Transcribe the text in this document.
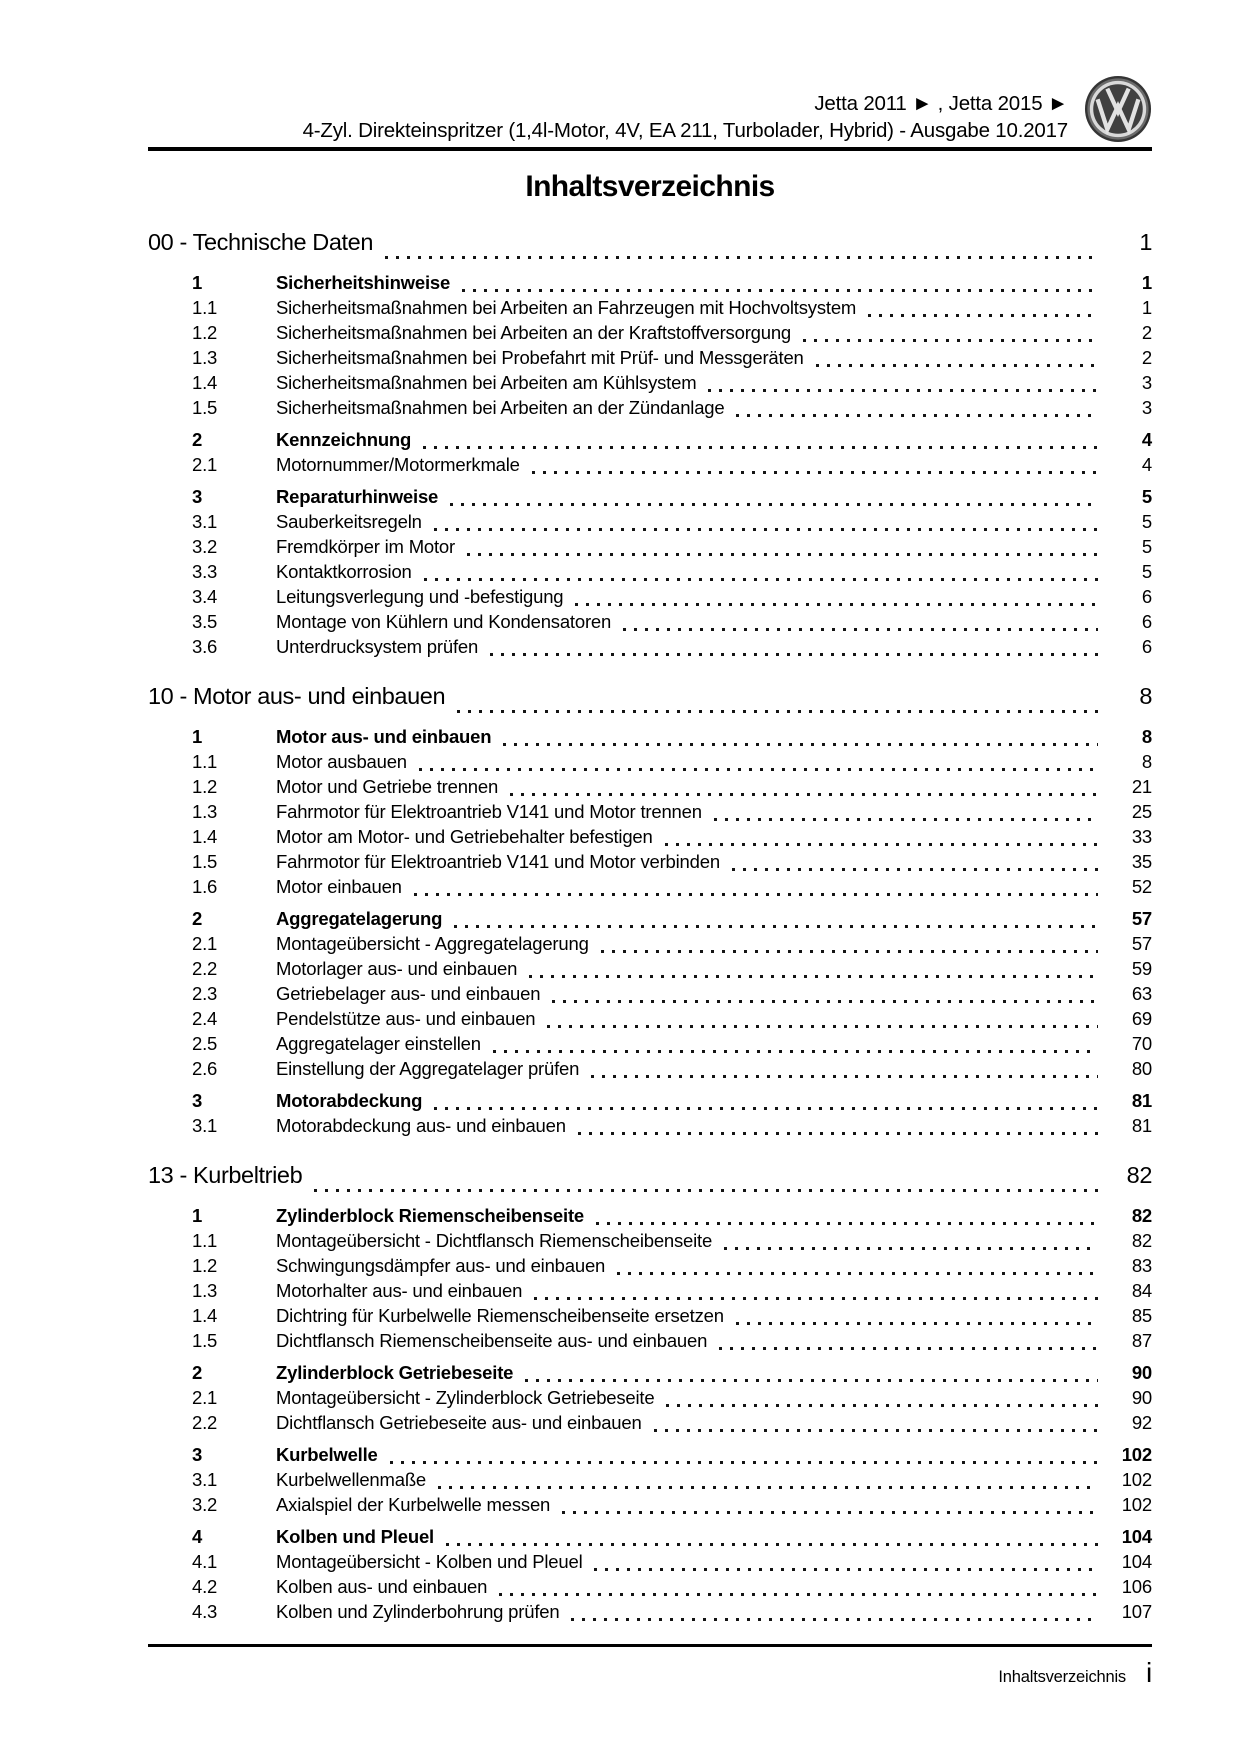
Jetta 2011 ► , Jetta 2015 ►
4-Zyl. Direkteinspritzer (1,4l-Motor, 4V, EA 211, Turbolader, Hybrid) - Ausgabe 10.2017
Inhaltsverzeichnis
00 - Technische Daten	1
1	Sicherheitshinweise	1
1.1	Sicherheitsmaßnahmen bei Arbeiten an Fahrzeugen mit Hochvoltsystem	1
1.2	Sicherheitsmaßnahmen bei Arbeiten an der Kraftstoffversorgung	2
1.3	Sicherheitsmaßnahmen bei Probefahrt mit Prüf- und Messgeräten	2
1.4	Sicherheitsmaßnahmen bei Arbeiten am Kühlsystem	3
1.5	Sicherheitsmaßnahmen bei Arbeiten an der Zündanlage	3
2	Kennzeichnung	4
2.1	Motornummer/Motormerkmale	4
3	Reparaturhinweise	5
3.1	Sauberkeitsregeln	5
3.2	Fremdkörper im Motor	5
3.3	Kontaktkorrosion	5
3.4	Leitungsverlegung und -befestigung	6
3.5	Montage von Kühlern und Kondensatoren	6
3.6	Unterdrucksystem prüfen	6
10 - Motor aus- und einbauen	8
1	Motor aus- und einbauen	8
1.1	Motor ausbauen	8
1.2	Motor und Getriebe trennen	21
1.3	Fahrmotor für Elektroantrieb V141 und Motor trennen	25
1.4	Motor am Motor- und Getriebehalter befestigen	33
1.5	Fahrmotor für Elektroantrieb V141 und Motor verbinden	35
1.6	Motor einbauen	52
2	Aggregatelagerung	57
2.1	Montageübersicht - Aggregatelagerung	57
2.2	Motorlager aus- und einbauen	59
2.3	Getriebelager aus- und einbauen	63
2.4	Pendelstütze aus- und einbauen	69
2.5	Aggregatelager einstellen	70
2.6	Einstellung der Aggregatelager prüfen	80
3	Motorabdeckung	81
3.1	Motorabdeckung aus- und einbauen	81
13 - Kurbeltrieb	82
1	Zylinderblock Riemenscheibenseite	82
1.1	Montageübersicht - Dichtflansch Riemenscheibenseite	82
1.2	Schwingungsdämpfer aus- und einbauen	83
1.3	Motorhalter aus- und einbauen	84
1.4	Dichtring für Kurbelwelle Riemenscheibenseite ersetzen	85
1.5	Dichtflansch Riemenscheibenseite aus- und einbauen	87
2	Zylinderblock Getriebeseite	90
2.1	Montageübersicht - Zylinderblock Getriebeseite	90
2.2	Dichtflansch Getriebeseite aus- und einbauen	92
3	Kurbelwelle	102
3.1	Kurbelwellenmaße	102
3.2	Axialspiel der Kurbelwelle messen	102
4	Kolben und Pleuel	104
4.1	Montageübersicht - Kolben und Pleuel	104
4.2	Kolben aus- und einbauen	106
4.3	Kolben und Zylinderbohrung prüfen	107
Inhaltsverzeichnis i
